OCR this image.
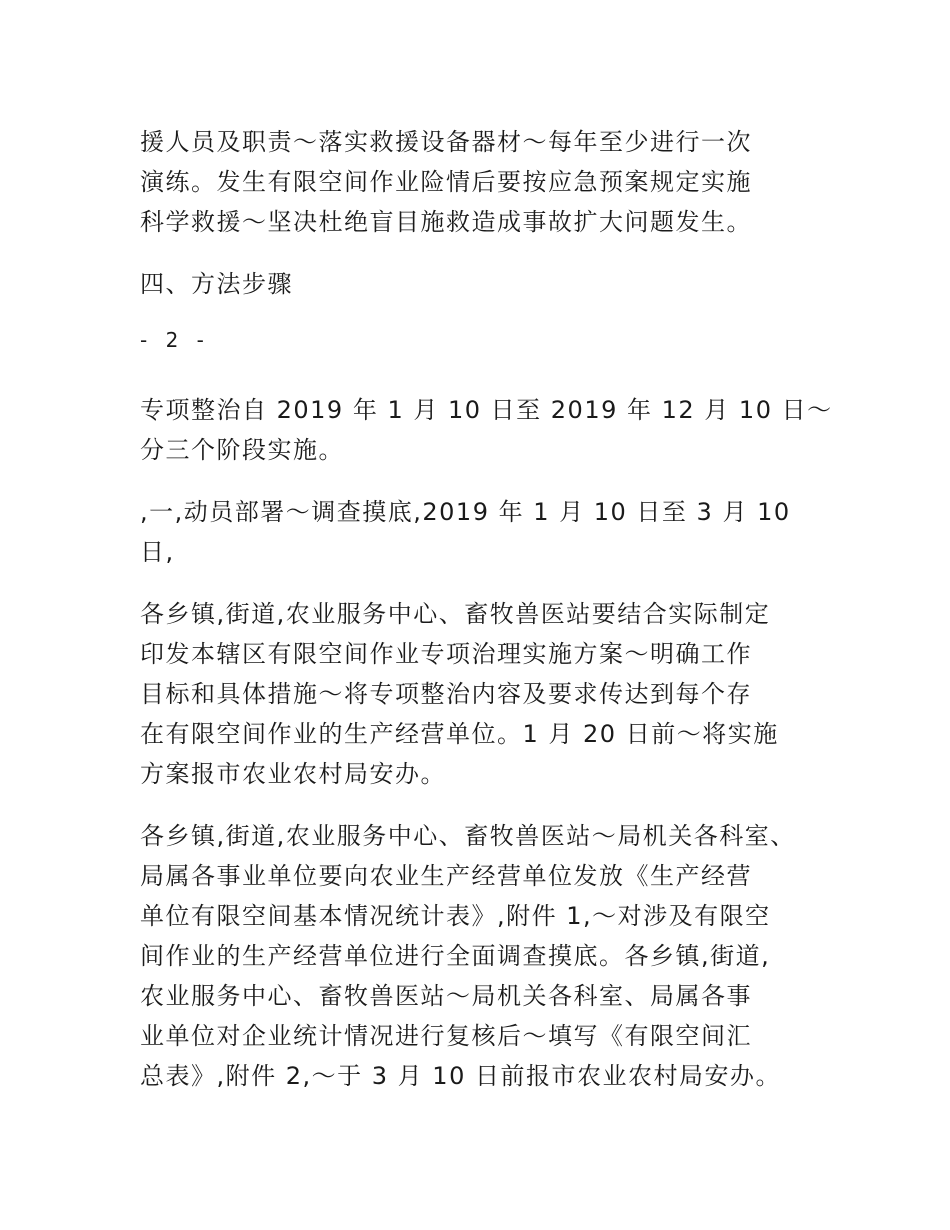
援人员及职责～落实救援设备器材～每年至少进行一次
演练。发生有限空间作业险情后要按应急预案规定实施
科学救援～坚决杜绝盲目施救造成事故扩大问题发生。

四、方法步骤

- 2 -

专项整治自 2019 年 1 月 10 日至 2019 年 12 月 10 日～
分三个阶段实施。

,一,动员部署～调查摸底,2019 年 1 月 10 日至 3 月 10
日,

各乡镇,街道,农业服务中心、畜牧兽医站要结合实际制定
印发本辖区有限空间作业专项治理实施方案～明确工作
目标和具体措施～将专项整治内容及要求传达到每个存
在有限空间作业的生产经营单位。1 月 20 日前～将实施
方案报市农业农村局安办。

各乡镇,街道,农业服务中心、畜牧兽医站～局机关各科室、
局属各事业单位要向农业生产经营单位发放《生产经营
单位有限空间基本情况统计表》,附件 1,～对涉及有限空
间作业的生产经营单位进行全面调查摸底。各乡镇,街道,
农业服务中心、畜牧兽医站～局机关各科室、局属各事
业单位对企业统计情况进行复核后～填写《有限空间汇
总表》,附件 2,～于 3 月 10 日前报市农业农村局安办。
